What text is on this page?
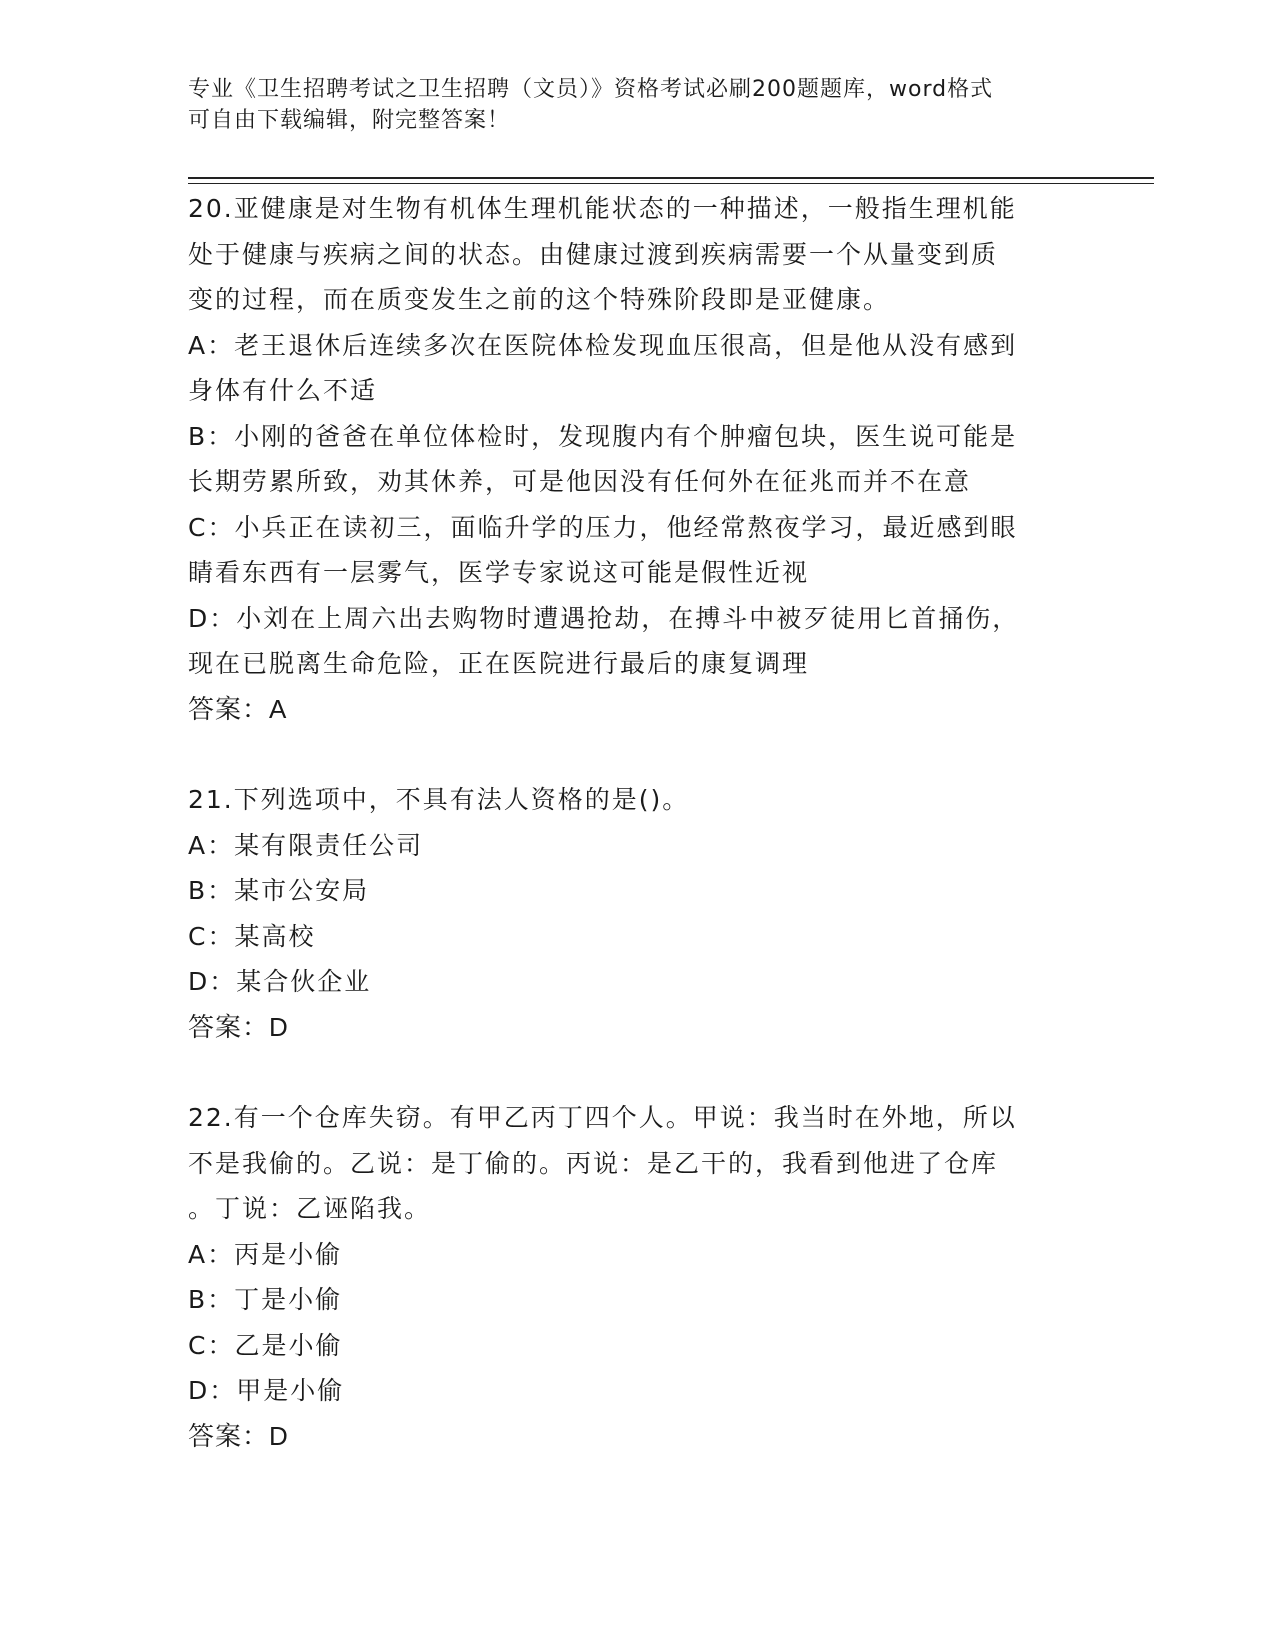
专业《卫生招聘考试之卫生招聘（文员）》资格考试必刷200题题库，word格式
可自由下载编辑，附完整答案！
20.亚健康是对生物有机体生理机能状态的一种描述，一般指生理机能
处于健康与疾病之间的状态。由健康过渡到疾病需要一个从量变到质
变的过程，而在质变发生之前的这个特殊阶段即是亚健康。
A：老王退休后连续多次在医院体检发现血压很高，但是他从没有感到
身体有什么不适
B：小刚的爸爸在单位体检时，发现腹内有个肿瘤包块，医生说可能是
长期劳累所致，劝其休养，可是他因没有任何外在征兆而并不在意
C：小兵正在读初三，面临升学的压力，他经常熬夜学习，最近感到眼
睛看东西有一层雾气，医学专家说这可能是假性近视
D：小刘在上周六出去购物时遭遇抢劫，在搏斗中被歹徒用匕首捅伤，
现在已脱离生命危险，正在医院进行最后的康复调理
答案：A
21.下列选项中，不具有法人资格的是()。
A：某有限责任公司
B：某市公安局
C：某高校
D：某合伙企业
答案：D
22.有一个仓库失窃。有甲乙丙丁四个人。甲说：我当时在外地，所以
不是我偷的。乙说：是丁偷的。丙说：是乙干的，我看到他进了仓库
。丁说：乙诬陷我。
A：丙是小偷
B：丁是小偷
C：乙是小偷
D：甲是小偷
答案：D
